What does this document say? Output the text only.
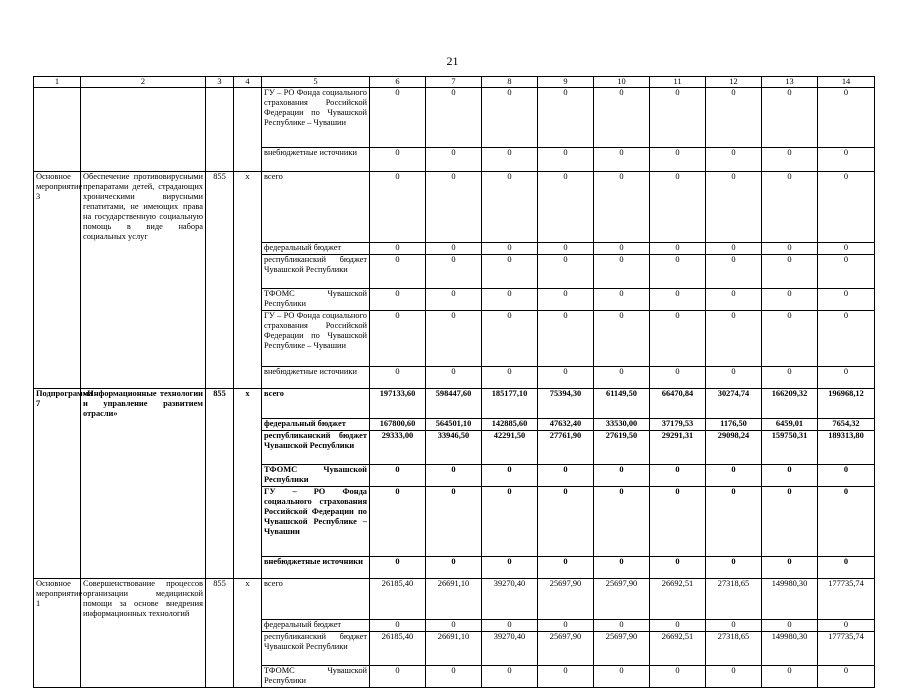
21
1	2	3	4	5	6	7	8	9	10	11	12	13	14
				ГУ – РО Фонда социального страхования Российской Федерации по Чувашской Республике – Чувашии	0	0	0	0	0	0	0	0	0
				внебюджетные источники	0	0	0	0	0	0	0	0	0
Основное мероприятие 3	Обеспечение противовирусными препаратами детей, страдающих хроническими вирусными гепатитами, не имеющих права на государственную социальную помощь в виде набора социальных услуг	855	x	всего	0	0	0	0	0	0	0	0	0
				федеральный бюджет	0	0	0	0	0	0	0	0	0
				республиканский бюджет Чувашской Республики	0	0	0	0	0	0	0	0	0
				ТФОМС Чувашской Республики	0	0	0	0	0	0	0	0	0
				ГУ – РО Фонда социального страхования Российской Федерации по Чувашской Республике – Чувашии	0	0	0	0	0	0	0	0	0
				внебюджетные источники	0	0	0	0	0	0	0	0	0
Подпрограмма 7	«Информационные технологии и управление развитием отрасли»	855	x	всего	197133,60	598447,60	185177,10	75394,30	61149,50	66470,84	30274,74	166209,32	196968,12
				федеральный бюджет	167800,60	564501,10	142885,60	47632,40	33530,00	37179,53	1176,50	6459,01	7654,32
				республиканский бюджет Чувашской Республики	29333,00	33946,50	42291,50	27761,90	27619,50	29291,31	29098,24	159750,31	189313,80
				ТФОМС Чувашской Республики	0	0	0	0	0	0	0	0	0
				ГУ – РО Фонда социального страхования Российской Федерации по Чувашской Республике – Чувашии	0	0	0	0	0	0	0	0	0
				внебюджетные источники	0	0	0	0	0	0	0	0	0
Основное мероприятие 1	Совершенствование процессов организации медицинской помощи за основе внедрения информационных технологий	855	x	всего	26185,40	26691,10	39270,40	25697,90	25697,90	26692,51	27318,65	149980,30	177735,74
				федеральный бюджет	0	0	0	0	0	0	0	0	0
				республиканский бюджет Чувашской Республики	26185,40	26691,10	39270,40	25697,90	25697,90	26692,51	27318,65	149980,30	177735,74
				ТФОМС Чувашской Республики	0	0	0	0	0	0	0	0	0
